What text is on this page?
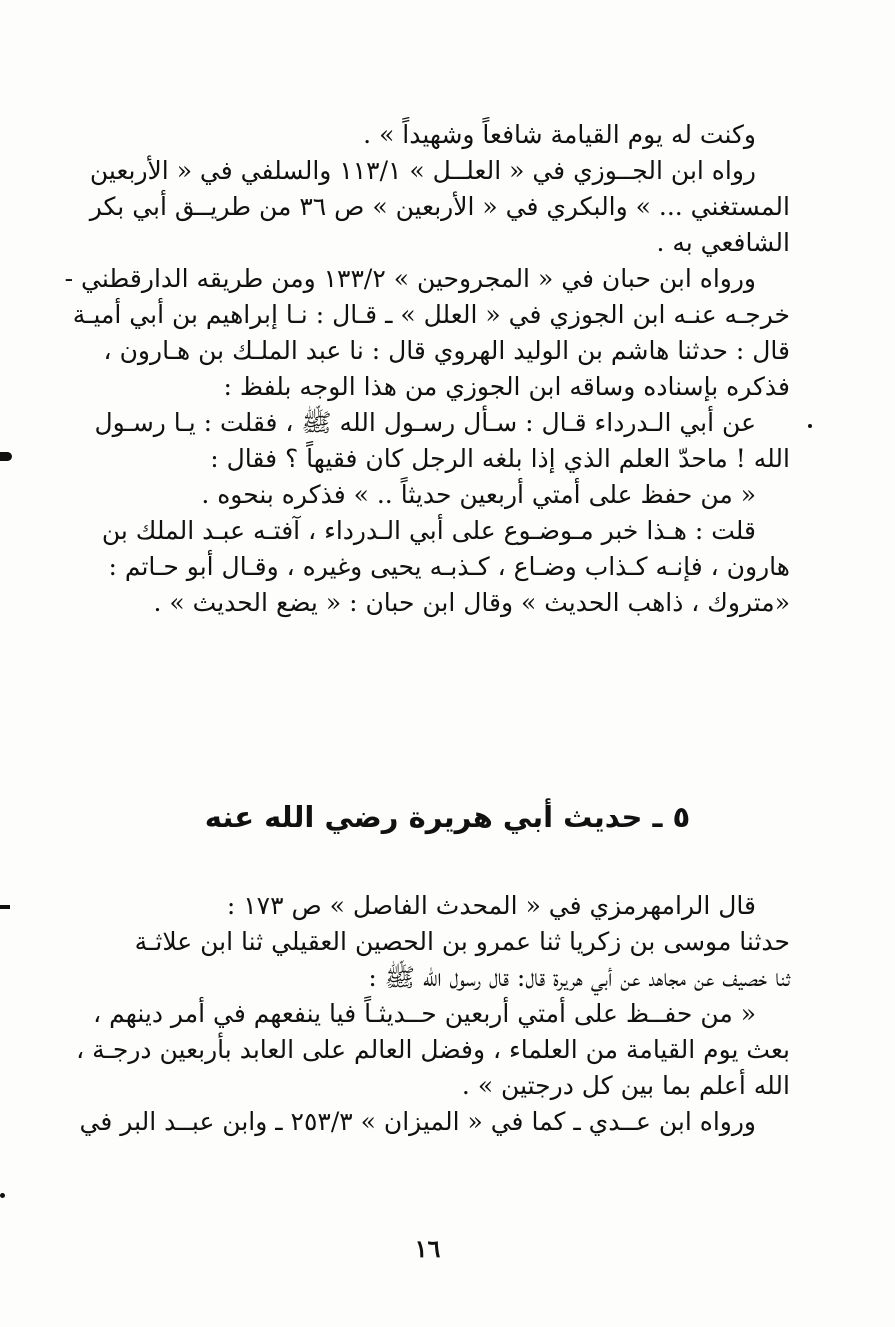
وكنت له يوم القيامة شافعاً وشهيداً » .
رواه ابن الجــوزي في « العلــل » ١١٣/١ والسلفي في « الأربعين
المستغني ... » والبكري في « الأربعين » ص ٣٦ من طريــق أبي بكر
الشافعي به .
ورواه ابن حبان في « المجروحين » ١٣٣/٢ ومن طريقه الدارقطني -
خرجـه عنـه ابن الجوزي في « العلل » ـ قـال : نـا إبراهيم بن أبي أميـة
قال : حدثنا هاشم بن الوليد الهروي قال : نا عبد الملـك بن هـارون ،
فذكره بإسناده وساقه ابن الجوزي من هذا الوجه بلفظ :
عن أبي الـدرداء قـال : سـأل رسـول الله ﷺ ، فقلت : يـا رسـول
الله ! ماحدّ العلم الذي إذا بلغه الرجل كان فقيهاً ؟ فقال :
« من حفظ على أمتي أربعين حديثاً .. » فذكره بنحوه .
قلت : هـذا خبر مـوضـوع على أبي الـدرداء ، آفتـه عبـد الملك بن
هارون ، فإنـه كـذاب وضـاع ، كـذبـه يحيى وغيره ، وقـال أبو حـاتم :
«متروك ، ذاهب الحديث » وقال ابن حبان : « يضع الحديث » .
٥ ـ حديث أبي هريرة رضي الله عنه
قال الرامهرمزي في « المحدث الفاصل » ص ١٧٣ :
حدثنا موسى بن زكريا ثنا عمرو بن الحصين العقيلي ثنا ابن علاثـة
ثنا خصيف عن مجاهد عن أبي هريرة قال: قال رسول الله ﷺ :
« من حفــظ على أمتي أربعين حــديثـاً فيا ينفعهم في أمر دينهم ،
بعث يوم القيامة من العلماء ، وفضل العالم على العابد بأربعين درجـة ،
الله أعلم بما بين كل درجتين » .
ورواه ابن عــدي ـ كما في « الميزان » ٢٥٣/٣ ـ وابن عبــد البر في
١٦
